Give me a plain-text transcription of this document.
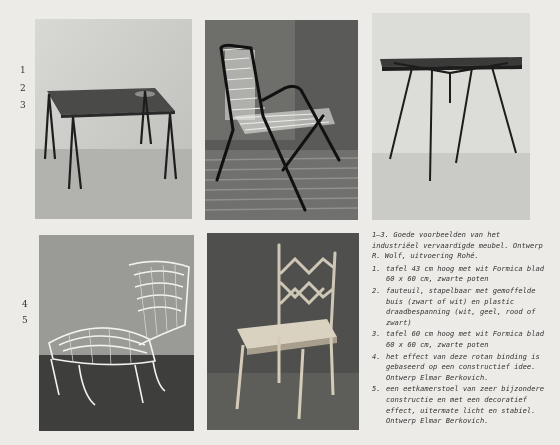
1
2
3
4
5

1—3. Goede voorbeelden van het industriëel vervaardigde meubel. Ontwerp R. Wolf, uitvoering Rohé.

1. tafel 43 cm hoog met wit Formica blad 60 x 60 cm, zwarte poten
2. fauteuil, stapelbaar met gemoffelde buis (zwart of wit) en plastic draadbespanning (wit, geel, rood of zwart)
3. tafel 60 cm hoog met wit Formica blad 60 x 60 cm, zwarte poten
4. het effect van deze rotan binding is gebaseerd op een constructief idee. Ontwerp Elmar Berkovich.
5. een eetkamerstoel van zeer bijzondere constructie en met een decoratief effect, uitermate licht en stabiel. Ontwerp Elmar Berkovich.
